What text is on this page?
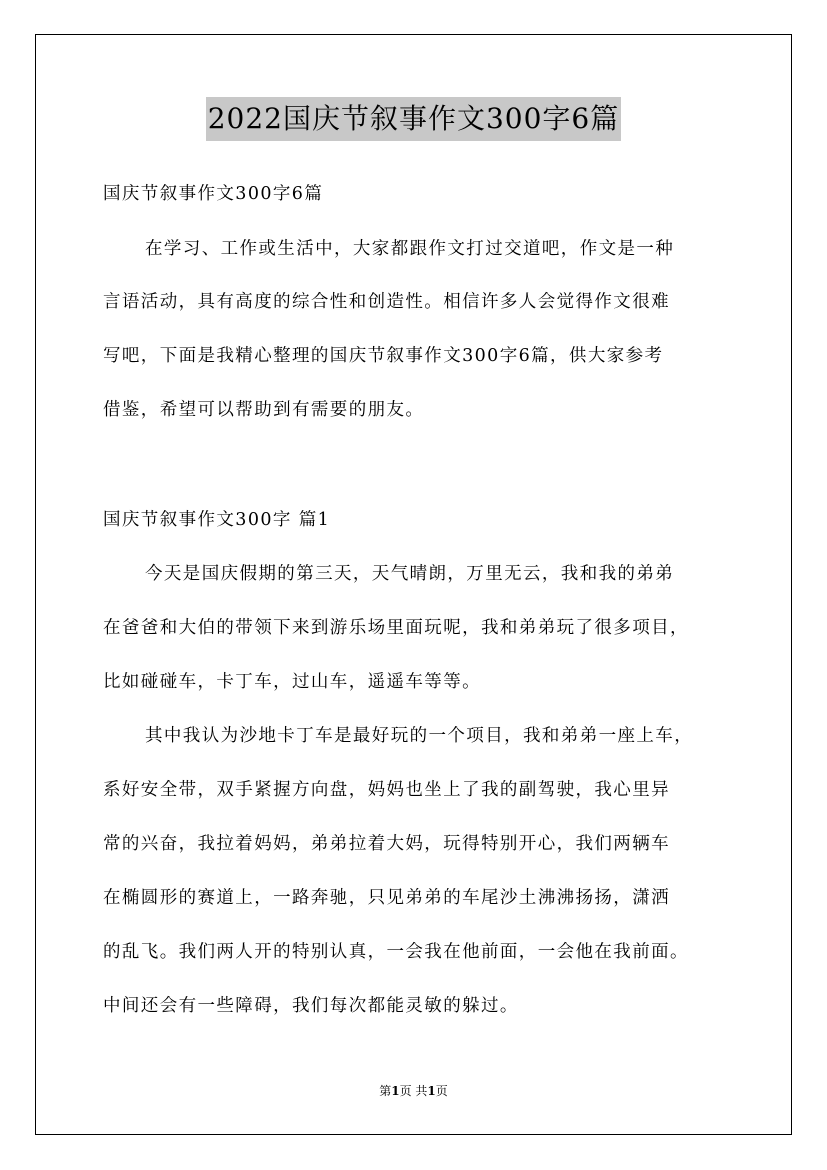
2022国庆节叙事作文300字6篇
国庆节叙事作文300字6篇
在学习、工作或生活中，大家都跟作文打过交道吧，作文是一种
言语活动，具有高度的综合性和创造性。相信许多人会觉得作文很难
写吧，下面是我精心整理的国庆节叙事作文300字6篇，供大家参考
借鉴，希望可以帮助到有需要的朋友。
国庆节叙事作文300字 篇1
今天是国庆假期的第三天，天气晴朗，万里无云，我和我的弟弟
在爸爸和大伯的带领下来到游乐场里面玩呢，我和弟弟玩了很多项目，
比如碰碰车，卡丁车，过山车，遥遥车等等。
其中我认为沙地卡丁车是最好玩的一个项目，我和弟弟一座上车，
系好安全带，双手紧握方向盘，妈妈也坐上了我的副驾驶，我心里异
常的兴奋，我拉着妈妈，弟弟拉着大妈，玩得特别开心，我们两辆车
在椭圆形的赛道上，一路奔驰，只见弟弟的车尾沙土沸沸扬扬，潇洒
的乱飞。我们两人开的特别认真，一会我在他前面，一会他在我前面。
中间还会有一些障碍，我们每次都能灵敏的躲过。
第1页 共1页
